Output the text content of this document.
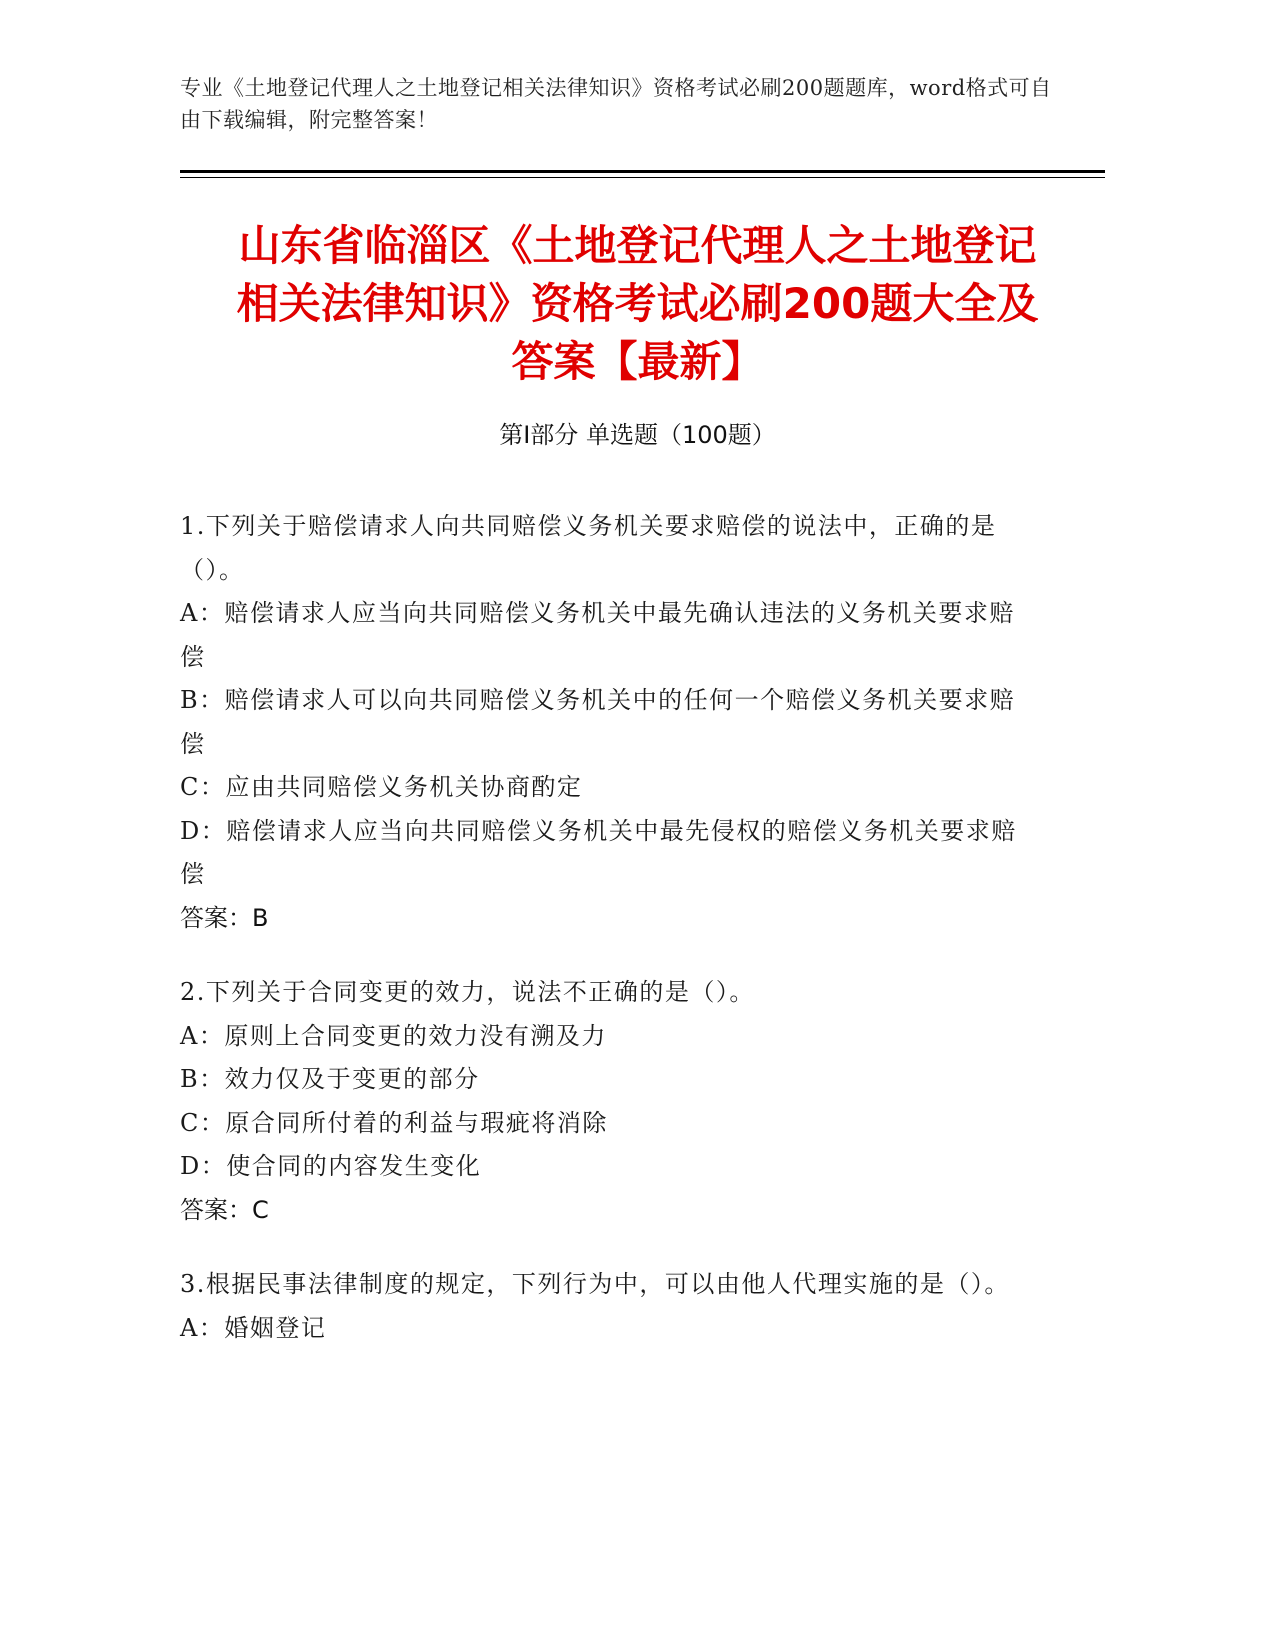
专业《土地登记代理人之土地登记相关法律知识》资格考试必刷200题题库，word格式可自由下载编辑，附完整答案！
山东省临淄区《土地登记代理人之土地登记
相关法律知识》资格考试必刷200题大全及
答案【最新】
第Ⅰ部分 单选题（100题）
1.下列关于赔偿请求人向共同赔偿义务机关要求赔偿的说法中，正确的是（）。
A：赔偿请求人应当向共同赔偿义务机关中最先确认违法的义务机关要求赔偿
B：赔偿请求人可以向共同赔偿义务机关中的任何一个赔偿义务机关要求赔偿
C：应由共同赔偿义务机关协商酌定
D：赔偿请求人应当向共同赔偿义务机关中最先侵权的赔偿义务机关要求赔偿
答案：B
2.下列关于合同变更的效力，说法不正确的是（）。
A：原则上合同变更的效力没有溯及力
B：效力仅及于变更的部分
C：原合同所付着的利益与瑕疵将消除
D：使合同的内容发生变化
答案：C
3.根据民事法律制度的规定，下列行为中，可以由他人代理实施的是（）。
A：婚姻登记
